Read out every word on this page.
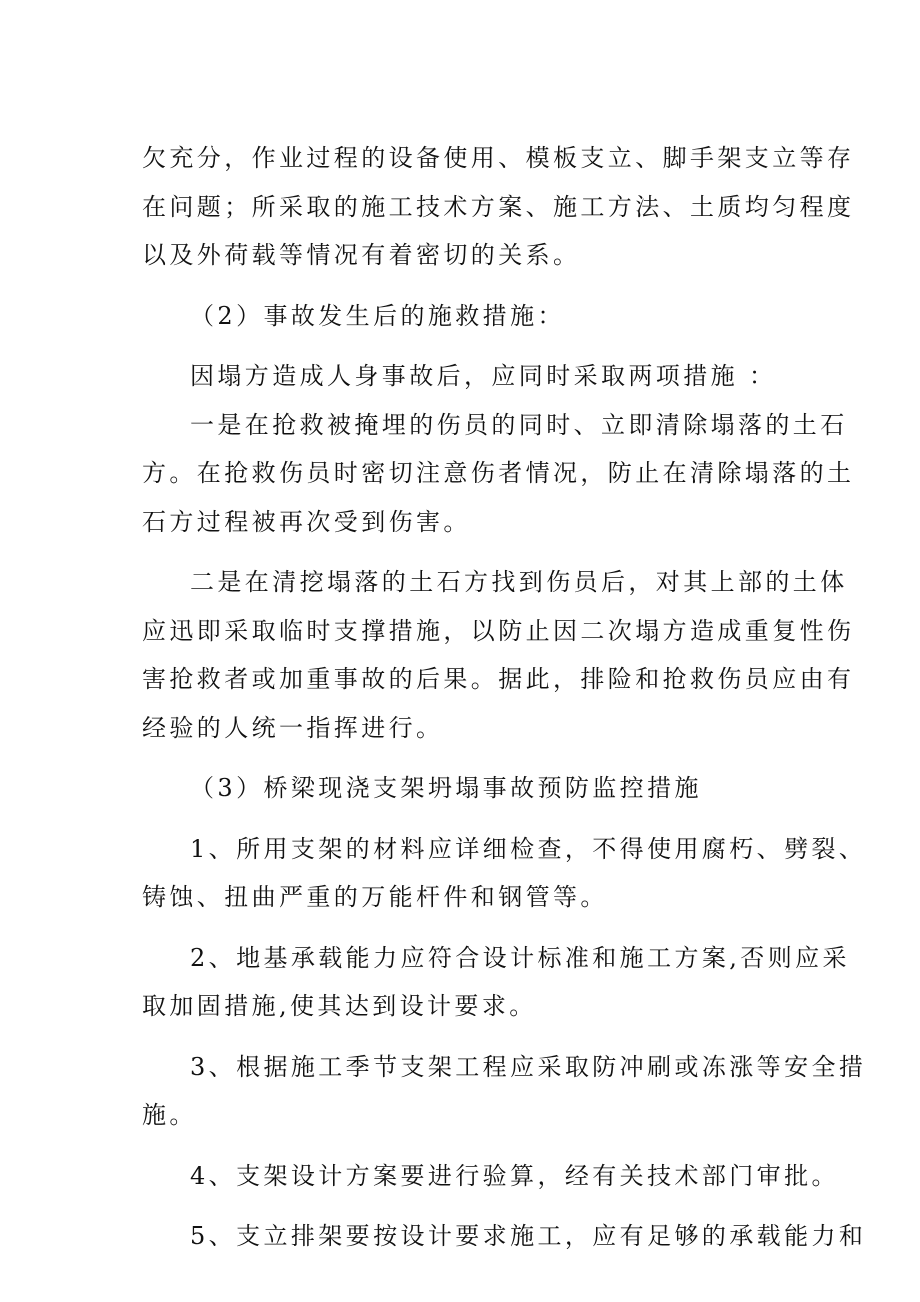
欠充分，作业过程的设备使用、模板支立、脚手架支立等存
在问题；所采取的施工技术方案、施工方法、土质均匀程度
以及外荷载等情况有着密切的关系。
（2）事故发生后的施救措施：
因塌方造成人身事故后，应同时采取两项措施 ：
一是在抢救被掩埋的伤员的同时、立即清除塌落的土石
方。在抢救伤员时密切注意伤者情况，防止在清除塌落的土
石方过程被再次受到伤害。
二是在清挖塌落的土石方找到伤员后，对其上部的土体
应迅即采取临时支撑措施，以防止因二次塌方造成重复性伤
害抢救者或加重事故的后果。据此，排险和抢救伤员应由有
经验的人统一指挥进行。
（3）桥梁现浇支架坍塌事故预防监控措施
1、所用支架的材料应详细检查，不得使用腐朽、劈裂、
铸蚀、扭曲严重的万能杆件和钢管等。
2、地基承载能力应符合设计标准和施工方案,否则应采
取加固措施,使其达到设计要求。
3、根据施工季节支架工程应采取防冲刷或冻涨等安全措
施。
4、支架设计方案要进行验算，经有关技术部门审批。
5、支立排架要按设计要求施工，应有足够的承载能力和
